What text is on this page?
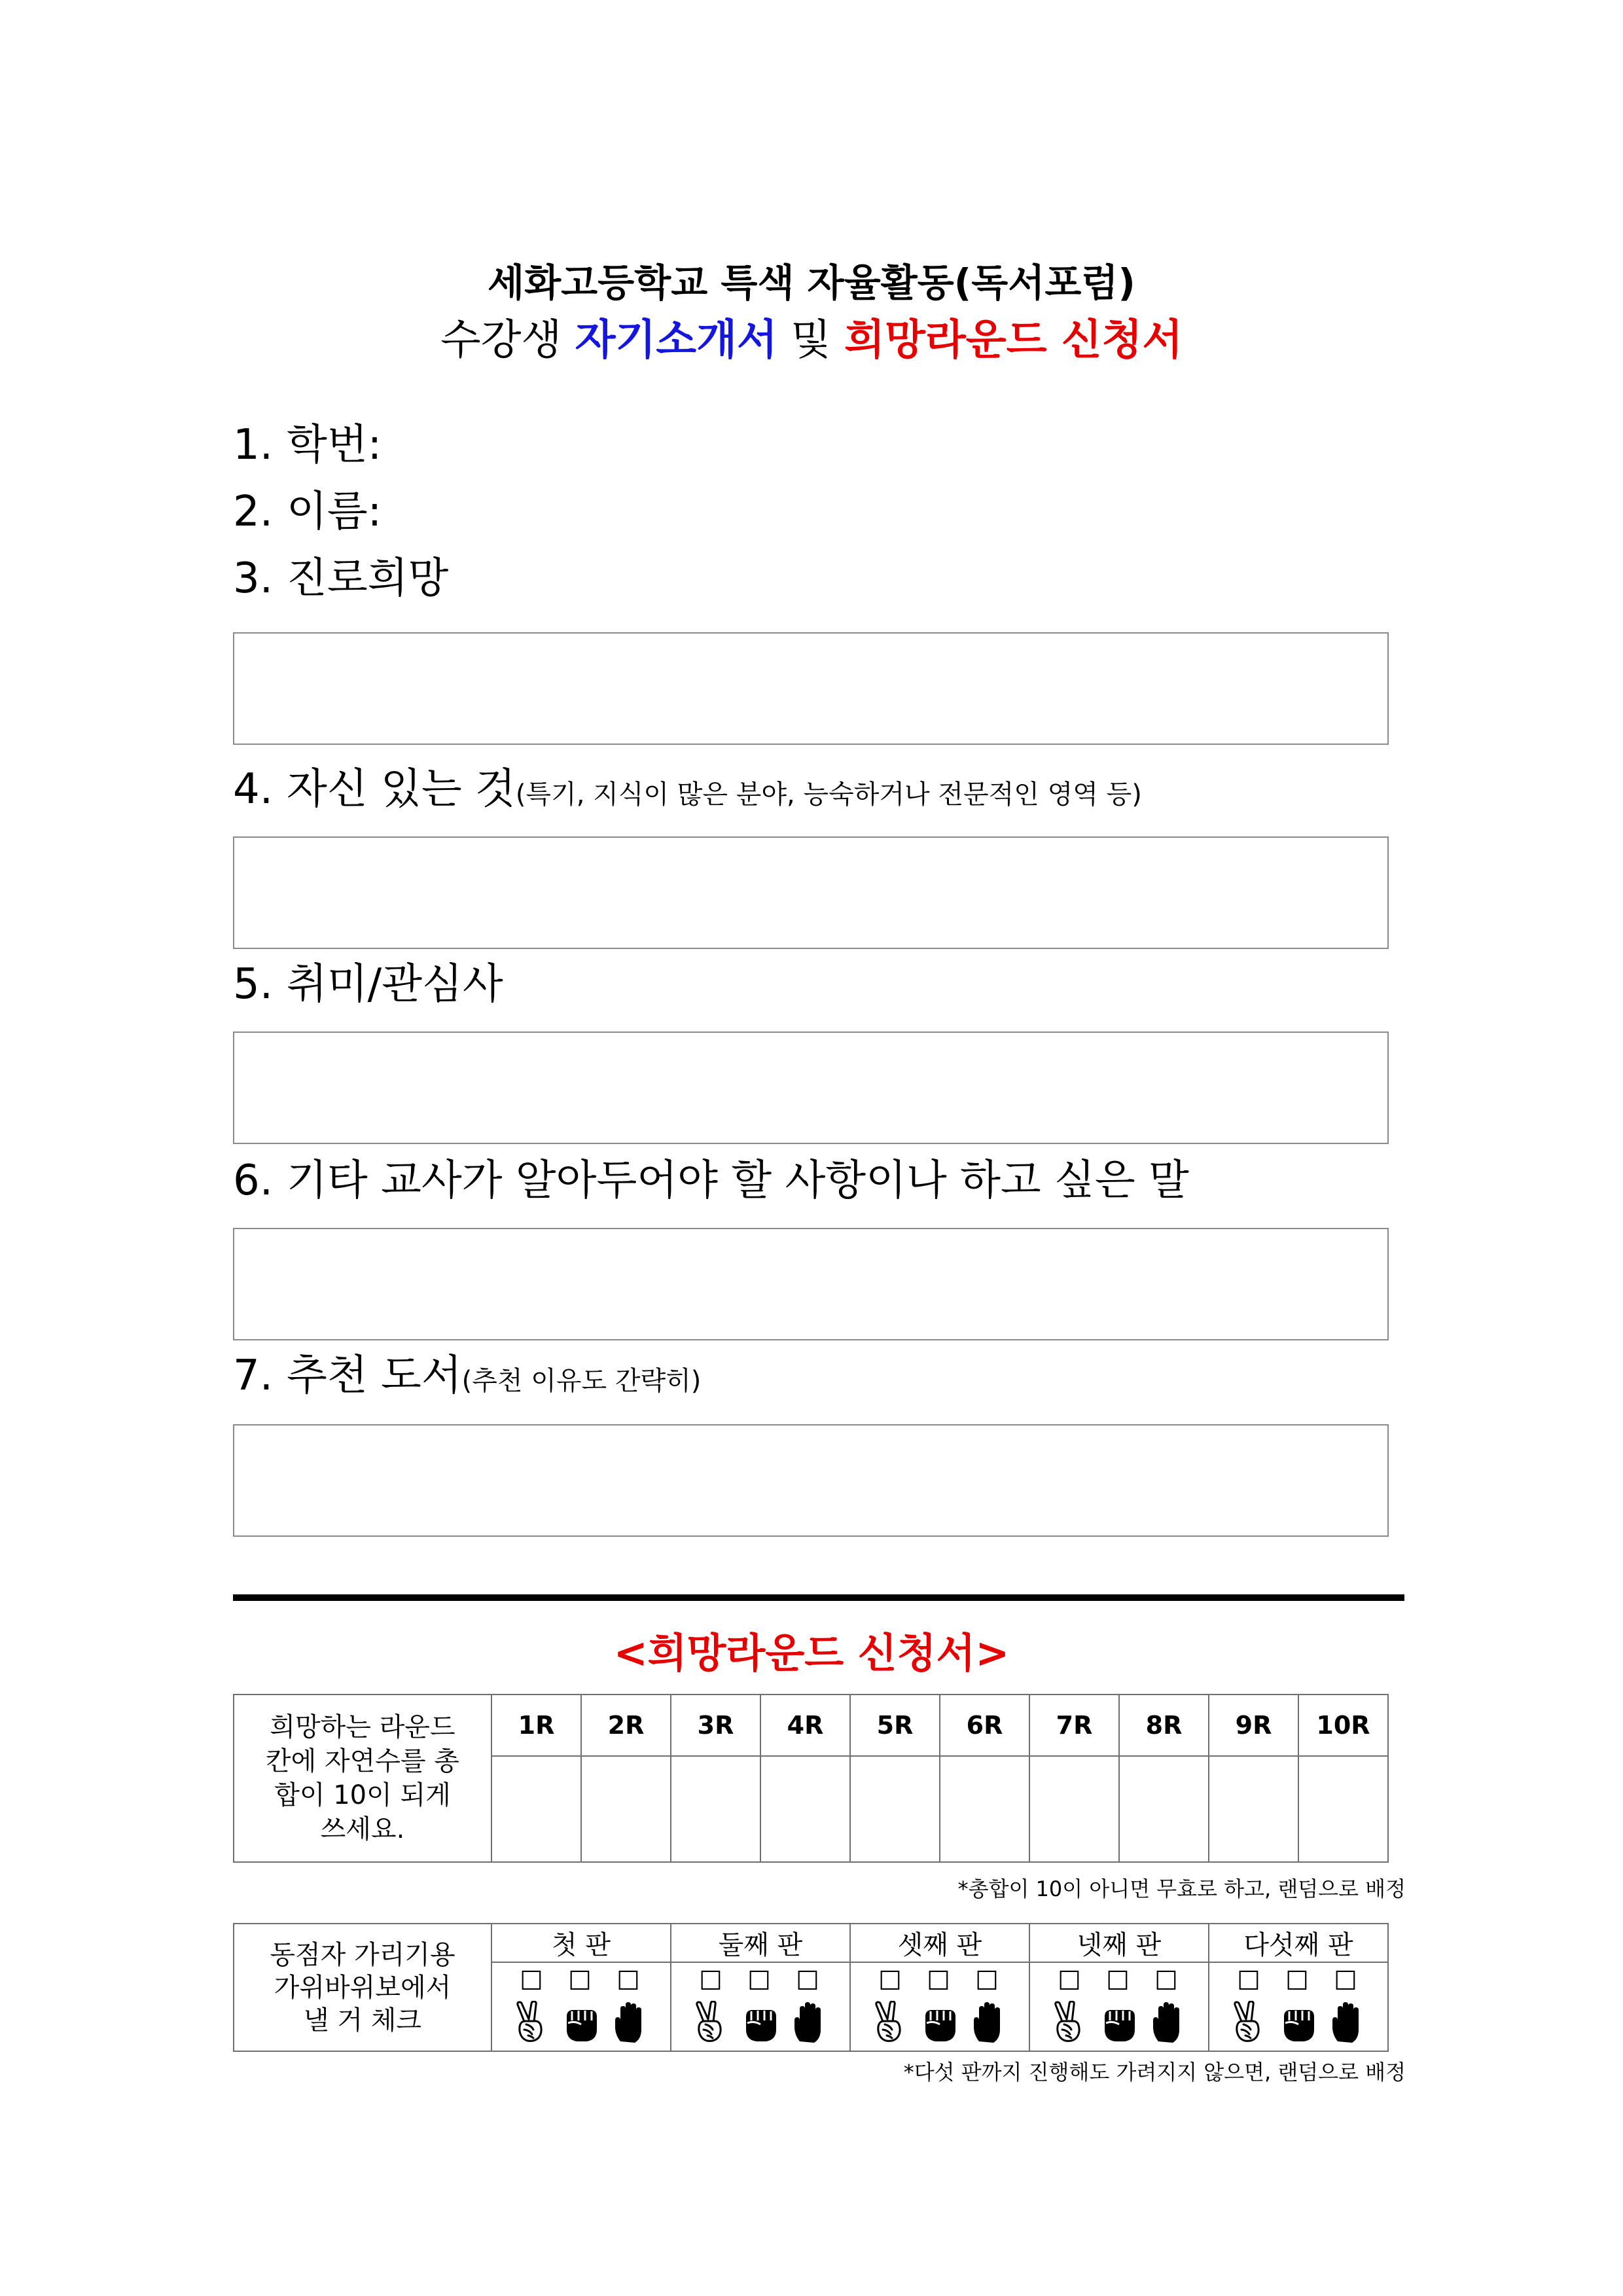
세화고등학교 특색 자율활동(독서포럼)
수강생 자기소개서 및 희망라운드 신청서
1. 학번:
2. 이름:
3. 진로희망
4. 자신 있는 것(특기, 지식이 많은 분야, 능숙하거나 전문적인 영역 등)
5. 취미/관심사
6. 기타 교사가 알아두어야 할 사항이나 하고 싶은 말
7. 추천 도서(추천 이유도 간략히)
<희망라운드 신청서>
희망하는 라운드
칸에 자연수를 총
합이 10이 되게
쓰세요.	1R	2R	3R	4R	5R	6R	7R	8R	9R	10R

*총합이 10이 아니면 무효로 하고, 랜덤으로 배정
동점자 가리기용
가위바위보에서
낼 거 체크	첫 판	둘째 판	셋째 판	넷째 판	다섯째 판

	☐ ☐ ☐	☐ ☐ ☐	☐ ☐ ☐	☐ ☐ ☐	☐ ☐ ☐
*다섯 판까지 진행해도 가려지지 않으면, 랜덤으로 배정
